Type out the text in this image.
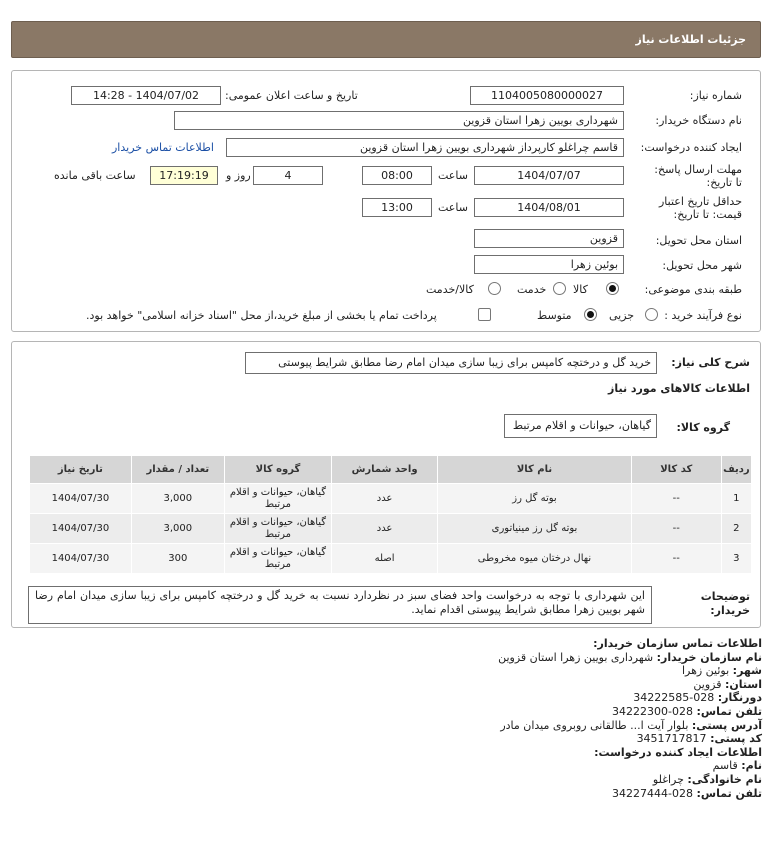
جزئیات اطلاعات نیاز
شماره نیاز:
1104005080000027
تاریخ و ساعت اعلان عمومی:
1404/07/02 - 14:28
نام دستگاه خریدار:
شهرداری بویین زهرا استان قزوین
ایجاد کننده درخواست:
قاسم چراغلو کارپرداز شهرداری بویین زهرا استان قزوین
اطلاعات تماس خریدار
مهلت ارسال پاسخ: تا تاریخ:
1404/07/07
ساعت
08:00
4
روز و
17:19:19
ساعت باقی مانده
حداقل تاریخ اعتبار قیمت: تا تاریخ:
1404/08/01
ساعت
13:00
استان محل تحویل:
قزوین
شهر محل تحویل:
بوئین زهرا
طبقه بندی موضوعی:
کالا
خدمت
کالا/خدمت
نوع فرآیند خرید :
جزیی
متوسط
پرداخت تمام یا بخشی از مبلغ خرید،از محل "اسناد خزانه اسلامی" خواهد بود.
شرح کلی نیاز:
خرید گل و درختچه کامپس برای زیبا سازی میدان امام رضا مطابق شرایط پیوستی
اطلاعات کالاهای مورد نیاز
گروه کالا:
گیاهان، حیوانات و اقلام مرتبط
ردیف	کد کالا	نام کالا	واحد شمارش	گروه کالا	تعداد / مقدار	تاریخ نیاز
1	--	بوته گل رز	عدد	گیاهان، حیوانات و اقلام مرتبط	3,000	1404/07/30
2	--	بوته گل رز مینیاتوری	عدد	گیاهان، حیوانات و اقلام مرتبط	3,000	1404/07/30
3	--	نهال درختان میوه مخروطی	اصله	گیاهان، حیوانات و اقلام مرتبط	300	1404/07/30
توضیحات خریدار:
این شهرداری با توجه به درخواست واحد فضای سبز در نظردارد نسبت به خرید گل و درختچه کامپس برای زیبا سازی میدان امام رضا شهر بویین زهرا مطابق شرایط پیوستی اقدام نماید.
اطلاعات تماس سازمان خریدار:
نام سازمان خریدار: شهرداری بویین زهرا استان قزوین
شهر: بوئین زهرا
استان: قزوین
دورنگار: 028-34222585
تلفن تماس: 028-34222300
آدرس پستی: بلوار آیت ا... طالقانی روبروی میدان مادر
کد پستی: 3451717817
اطلاعات ایجاد کننده درخواست:
نام: قاسم
نام خانوادگی: چراغلو
تلفن تماس: 028-34227444
